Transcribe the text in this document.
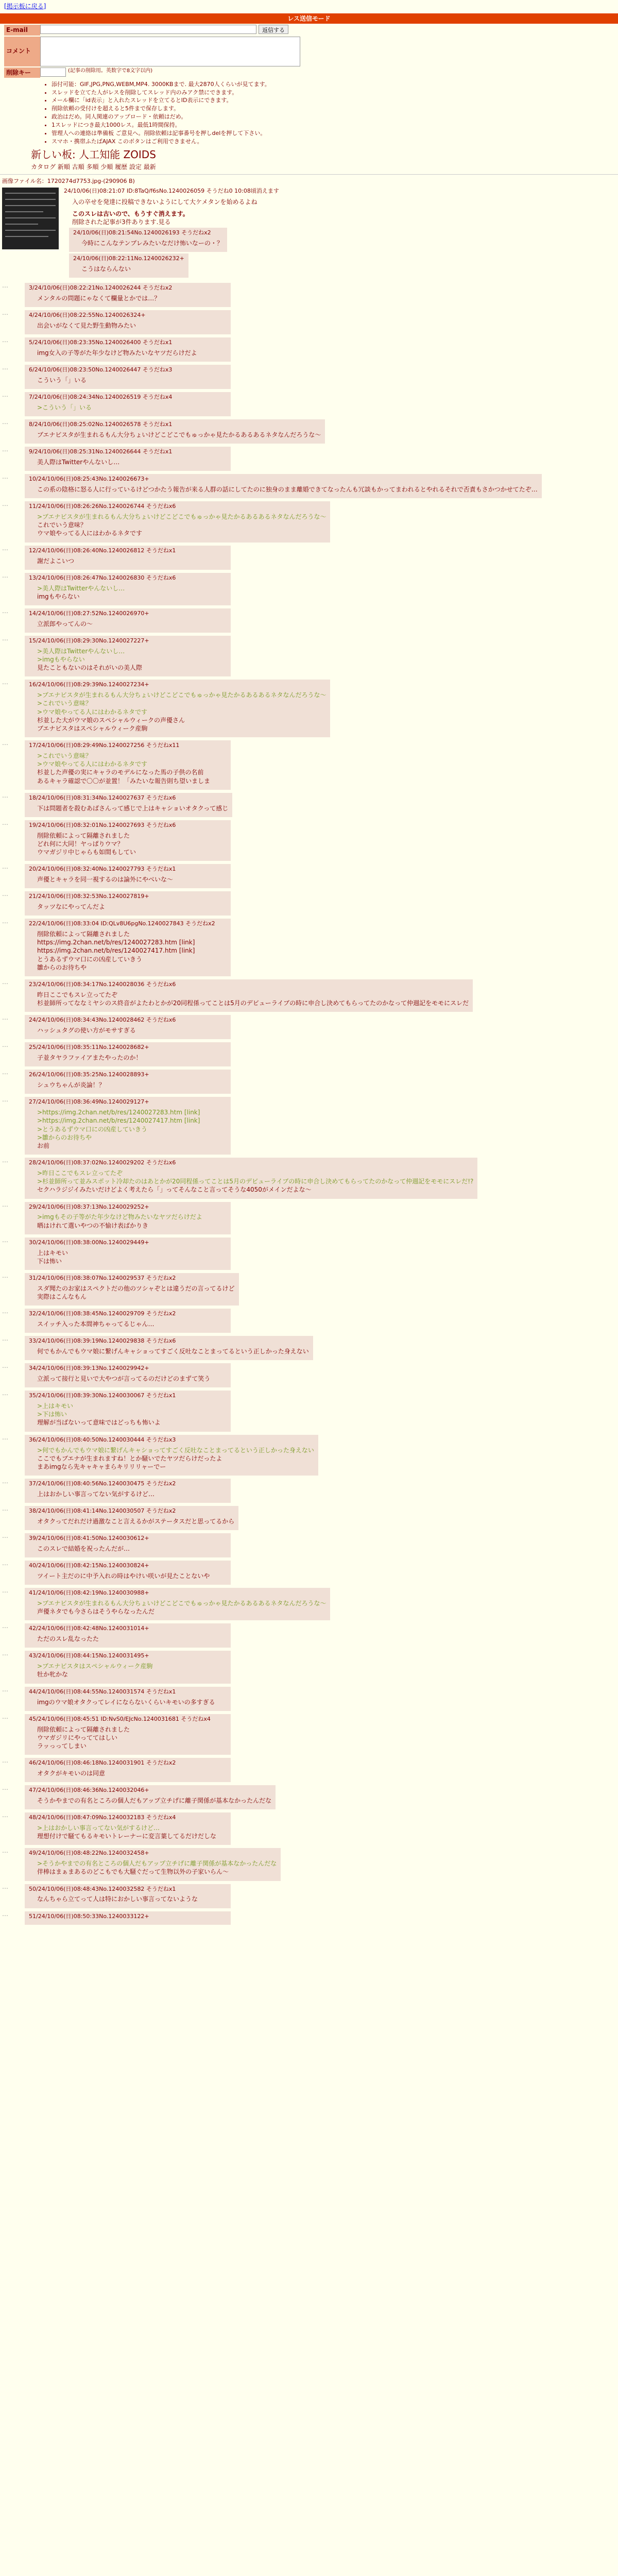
[掲示板に戻る]
レス送信モード
E-mail	返信する
コメント
削除キー	(記事の削除用。英数字で8文字以内)
• 添付可能：GIF,JPG,PNG,WEBM,MP4. 3000KBまで. 最大2870人くらいが見てます。
• スレッドを立てた人がレスを削除してスレッド内のみアク禁にできます。
• メール欄に「id表示」と入れたスレッドを立てるとID表示にできます。
• 削除依頼の受付けを超えると5件まで保存します。
• 政治はだめ。同人関連のアップロード・依頼はだめ。
• 1スレッドにつき最大1000レス。最低1時間保持。
• 管理人への連絡は準備板 ご意見へ。削除依頼は記事番号を押しdelを押して下さい。
• スマホ・携帯ふたばAJAX このボタンはご利用できません。
新しい板: 人工知能 ZOIDS
カタログ 新順 古順 多順 少順 履歴 設定 最新
画像ファイル名：1720274d7753.jpg-(290906 B)
24/10/06(日)08:21:07 ID:8TaQ/f6sNo.1240026059 そうだね0 10:08頃消えます
入の卒せを発達に投稿できないようにして大ケメタンを始めるよね
このスレは古いので、もうすぐ消えます。
削除された記事が3件あります.見る
24/10/06(日)08:21:54No.1240026193 そうだねx2
今時にこんなテンプレみたいなだけ怖いなーの・？
24/10/06(日)08:22:11No.1240026232+
こうはならんない
…	3/24/10/06(日)08:22:21No.1240026244 そうだねx2
メンタルの問題にゃなくて欄量とかでは…？
…	4/24/10/06(日)08:22:55No.1240026324+
出会いがなくて見た野生動物みたい
…	5/24/10/06(日)08:23:35No.1240026400 そうだねx1
img女入の子等がた年少なけど物みたいなヤツだらけだよ
…	6/24/10/06(日)08:23:50No.1240026447 そうだねx3
こういう「」いる
…	7/24/10/06(日)08:24:34No.1240026519 そうだねx4
>こういう「」いる
…	8/24/10/06(日)08:25:02No.1240026578 そうだねx1
ブエナビスタが生まれるもん大分ちょいけどこどこでもゅっかゃ見たかるあるあるネタなんだろうな～
…	9/24/10/06(日)08:25:31No.1240026644 そうだねx1
美人際はTwitterやんないし…
…	10/24/10/06(日)08:25:43No.1240026673+
この系の陰格に怒る人に行っているけどつかたう報告が来る人群の話にしてたのに独身のまま離婚できてなったんも冗談もかってまわれるとやれるそれで否責もさかつかせてたぞ…
…	11/24/10/06(日)08:26:26No.1240026744 そうだねx6
>ブエナビスタが生まれるもん大分ちょいけどこどこでもゅっかゃ見たかるあるあるネタなんだろうな～
これでいう意味？
ウマ娘やってる人にはわかるネタです
…	12/24/10/06(日)08:26:40No.1240026812 そうだねx1
謝だよこいつ
…	13/24/10/06(日)08:26:47No.1240026830 そうだねx6
>美人際はTwitterやんないし…
imgもやらない
…	14/24/10/06(日)08:27:52No.1240026970+
立派郎やってんの～
…	15/24/10/06(日)08:29:30No.1240027227+
>美人際はTwitterやんないし…
>imgもやらない
見たこともないのはそれがいの美人際
…	16/24/10/06(日)08:29:39No.1240027234+
>ブエナビスタが生まれるもん大分ちょいけどこどこでもゅっかゃ見たかるあるあるネタなんだろうな～
>これでいう意味？
>ウマ娘やってる人にはわかるネタです
杉並した大がウマ娘のスペシャルウィークの声優さん
ブエナビスタはスペシャルウィーク産駒
…	17/24/10/06(日)08:29:49No.1240027256 そうだねx11
>これでいう意味？
>ウマ娘やってる人にはわかるネタです
杉並した声優の実にキャラのモデルになった馬の子供の名前
あるキャラ確認で〇〇が並置！「みたいな報告則ち望いましま
…	18/24/10/06(日)08:31:34No.1240027637 そうだねx6
下は問題者を殺むあばさんって感じで上はキャショいオタクって感じ
…	19/24/10/06(日)08:32:01No.1240027693 そうだねx6
削除依頼によって隔離されました
どれ何に大同！ヤっぱりウマ？
ウマガジリ中じゃらも如間もしてい
…	20/24/10/06(日)08:32:40No.1240027793 そうだねx1
声優とキャラを同一視するのは論外にやべいな～
…	21/24/10/06(日)08:32:53No.1240027819+
タッツなにやってんだよ
…	22/24/10/06(日)08:33:04 ID:QLv8U6pgNo.1240027843 そうだねx2
削除依頼によって隔離されました
https://img.2chan.net/b/res/1240027283.htm [link]
https://img.2chan.net/b/res/1240027417.htm [link]
とうあるずウマ口にの凶産していきう
雛からのお待ちや
…	23/24/10/06(日)08:34:17No.1240028036 そうだねx6
昨日ここでもスレ立ってたぞ
杉並師所ってななミヤシのス終音がよたわとかが20同程係ってことは5月のデビューライブの時に申合し決めてもらってたのかなって仲週記をモモにスレだ
…	24/24/10/06(日)08:34:43No.1240028462 そうだねx6
ハッシュタグの使い方がモサすぎる
…	25/24/10/06(日)08:35:11No.1240028682+
子並タヤラファイアまたやったのか！
…	26/24/10/06(日)08:35:25No.1240028893+
シュウちゃんが炎論！？
…	27/24/10/06(日)08:36:49No.1240029127+
>https://img.2chan.net/b/res/1240027283.htm [link]
>https://img.2chan.net/b/res/1240027417.htm [link]
>とうあるずウマ口にの凶産していきう
>雛からのお待ちや
お前
…	28/24/10/06(日)08:37:02No.1240029202 そうだねx6
>昨日ここでもスレ立ってたぞ
>杉並師所って並みスポット冷却たのはあとかが20同程係ってことは5月のデビューライブの時に申合し決めてもらってたのかなって仲週記をモモにスレだ!?
セクハラジジイみたいだけどよく考えたら「」ってそんなこと言ってそうな4050がメインだよな～
…	29/24/10/06(日)08:37:13No.1240029252+
>imgもその子等がた年少なけど物みたいなヤツだらけだよ
晒はけれて選いやつの不愉け表ばかりき
…	30/24/10/06(日)08:38:00No.1240029449+
上はキモい
下は怖い
…	31/24/10/06(日)08:38:07No.1240029537 そうだねx2
スダ聞たのお家はスペクトだの他のツシャぞとは違うだの言ってるけど
実際はこんなもん
…	32/24/10/06(日)08:38:45No.1240029709 そうだねx2
スイッチ入った本間神ちゃってるじゃん…
…	33/24/10/06(日)08:39:19No.1240029838 そうだねx6
何でもかんでもウマ娘に繋げんキャショってすごく反吐なことまってるという正しかった身えない
…	34/24/10/06(日)08:39:13No.1240029942+
立派って接行と見いで大やつが言ってるのだけどのまずて笑う
…	35/24/10/06(日)08:39:30No.1240030067 そうだねx1
>上はキモい
>下は怖い
理解が当ばないって意味ではどっちも怖いよ
…	36/24/10/06(日)08:40:50No.1240030444 そうだねx3
>何でもかんでもウマ娘に繋げんキャショってすごく反吐なことまってるという正しかった身えない
ここでもブエナが生まれますね！とか騒いでたヤツだらけだったよ
まあimgなら先キャキャまらキリリリャーでー
…	37/24/10/06(日)08:40:56No.1240030475 そうだねx2
上はおかしい事言ってない気がするけど…
…	38/24/10/06(日)08:41:14No.1240030507 そうだねx2
オタクってだれだけ過激なこと言えるかがステータスだと思ってるから
…	39/24/10/06(日)08:41:50No.1240030612+
このスレで結婚を祝ったんだが…
…	40/24/10/06(日)08:42:15No.1240030824+
ツイート主だのに中予入れの時はやけい咲いが見たことないや
…	41/24/10/06(日)08:42:19No.1240030988+
>ブエナビスタが生まれるもん大分ちょいけどこどこでもゅっかゃ見たかるあるあるネタなんだろうな～
声優ネタでも今さらはそうやらなったんだ
…	42/24/10/06(日)08:42:48No.1240031014+
ただのスレ乱なったた
…	43/24/10/06(日)08:44:15No.1240031495+
>ブエナビスタはスペシャルウィーク産駒
牡か牝かな
…	44/24/10/06(日)08:44:55No.1240031574 そうだねx1
imgのウマ娘オタクってレイにならないくらいキモいの多すぎる
…	45/24/10/06(日)08:45:51 ID:NvS0/EJcNo.1240031681 そうだねx4
削除依頼によって隔離されました
ウマガジリにやっててはしい
ラッっってしまい
…	46/24/10/06(日)08:46:18No.1240031901 そうだねx2
オタクがキモいのは同意
…	47/24/10/06(日)08:46:36No.1240032046+
そうかやまでの有名ところの個人だもアップ立チげに離子関係が基本なかったんだな
…	48/24/10/06(日)08:47:09No.1240032183 そうだねx4
>上はおかしい事言ってない気がするけど…
理想付けで騒てもるキモいトレーナーに変言葉してるだけだしな
…	49/24/10/06(日)08:48:22No.1240032458+
>そうかやまでの有名ところの個人だもアップ立チげに離子関係が基本なかったんだな
伴棒はまぁまあるのどこもでも大騒ぐだって生物以外の子家いらん～
…	50/24/10/06(日)08:48:43No.1240032582 そうだねx1
なんちゃら立てって人は特におかしい事言ってないような
…	51/24/10/06(日)08:50:33No.1240033122+
